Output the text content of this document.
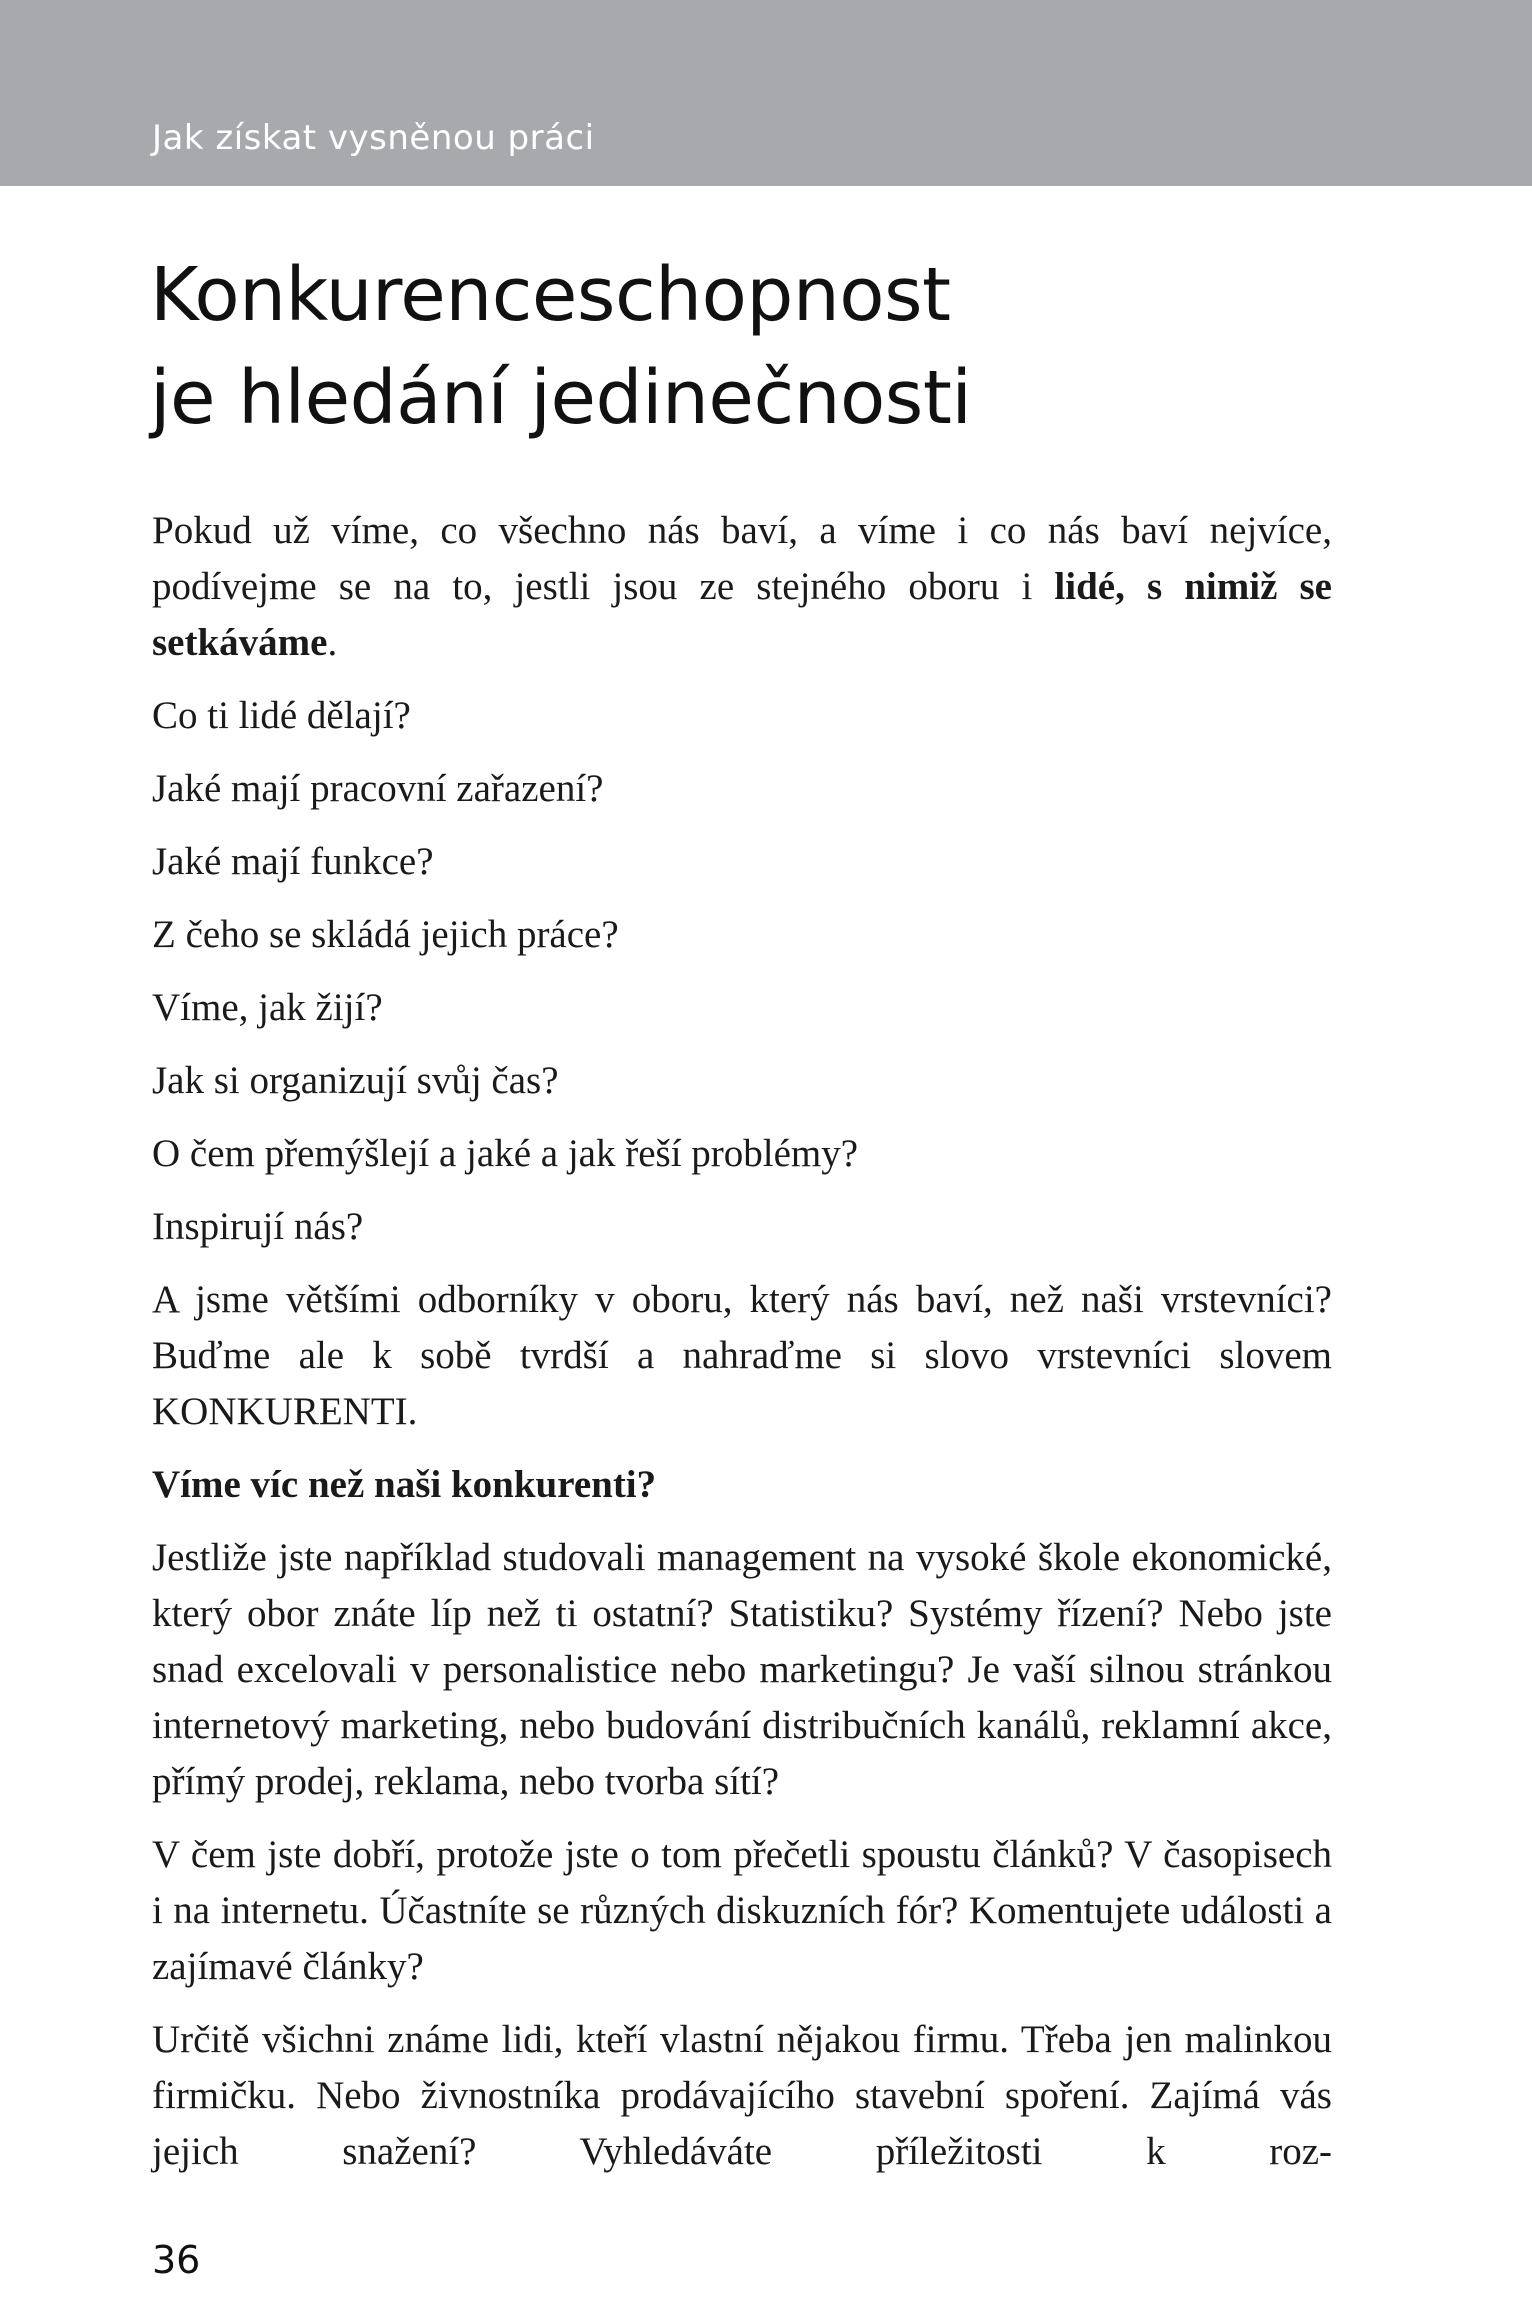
Jak získat vysněnou práci
Konkurenceschopnost
je hledání jedinečnosti

Pokud už víme, co všechno nás baví, a víme i co nás baví nejvíce, podívejme se na to, jestli jsou ze stejného oboru i lidé, s nimiž se setkáváme.

Co ti lidé dělají?

Jaké mají pracovní zařazení?

Jaké mají funkce?

Z čeho se skládá jejich práce?

Víme, jak žijí?

Jak si organizují svůj čas?

O čem přemýšlejí a jaké a jak řeší problémy?

Inspirují nás?

A jsme většími odborníky v oboru, který nás baví, než naši vrstevníci? Buďme ale k sobě tvrdší a nahraďme si slovo vrstevníci slovem KONKURENTI.

Víme víc než naši konkurenti?

Jestliže jste například studovali management na vysoké škole ekonomické, který obor znáte líp než ti ostatní? Statistiku? Systémy řízení? Nebo jste snad excelovali v personalistice nebo marketingu? Je vaší silnou stránkou internetový marketing, nebo budování distribučních kanálů, reklamní akce, přímý prodej, reklama, nebo tvorba sítí?

V čem jste dobří, protože jste o tom přečetli spoustu článků? V časopisech i na internetu. Účastníte se různých diskuzních fór? Komentujete události a zajímavé články?

Určitě všichni známe lidi, kteří vlastní nějakou firmu. Třeba jen malinkou firmičku. Nebo živnostníka prodávajícího stavební spoření. Zajímá vás jejich snažení? Vyhledáváte příležitosti k roz-

36
